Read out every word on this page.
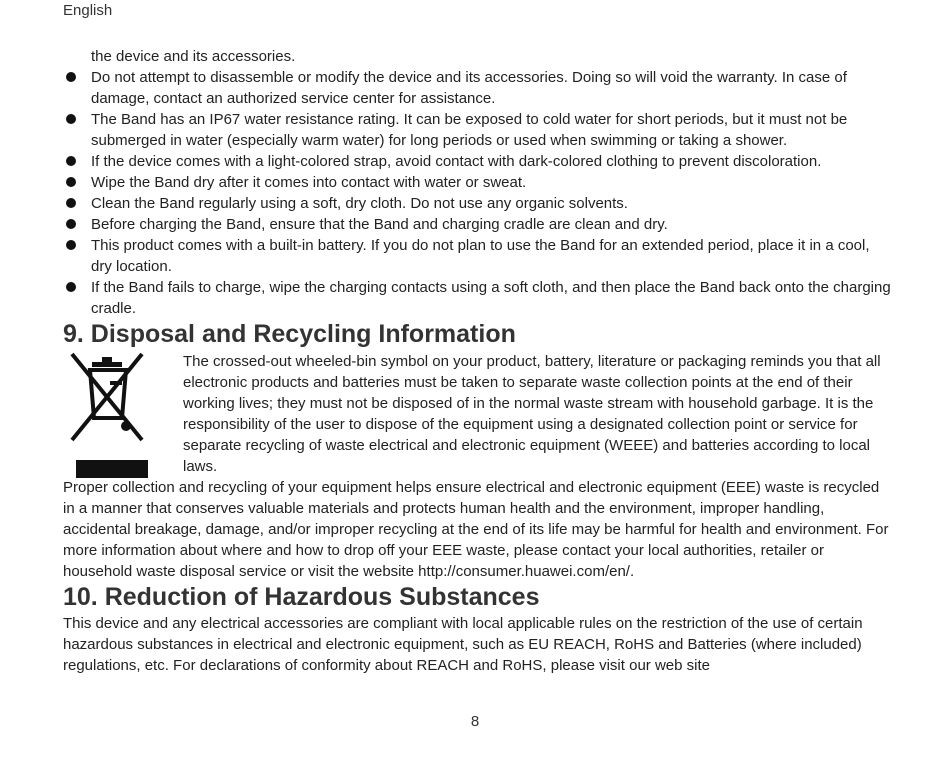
English
the device and its accessories.
Do not attempt to disassemble or modify the device and its accessories. Doing so will void the warranty. In case of damage, contact an authorized service center for assistance.
The Band has an IP67 water resistance rating. It can be exposed to cold water for short periods, but it must not be submerged in water (especially warm water) for long periods or used when swimming or taking a shower.
If the device comes with a light-colored strap, avoid contact with dark-colored clothing to prevent discoloration.
Wipe the Band dry after it comes into contact with water or sweat.
Clean the Band regularly using a soft, dry cloth. Do not use any organic solvents.
Before charging the Band, ensure that the Band and charging cradle are clean and dry.
This product comes with a built-in battery. If you do not plan to use the Band for an extended period, place it in a cool, dry location.
If the Band fails to charge, wipe the charging contacts using a soft cloth, and then place the Band back onto the charging cradle.
9. Disposal and Recycling Information
The crossed-out wheeled-bin symbol on your product, battery, literature or packaging reminds you that all electronic products and batteries must be taken to separate waste collection points at the end of their working lives; they must not be disposed of in the normal waste stream with household garbage. It is the responsibility of the user to dispose of the equipment using a designated collection point or service for separate recycling of waste electrical and electronic equipment (WEEE) and batteries according to local laws.
Proper collection and recycling of your equipment helps ensure electrical and electronic equipment (EEE) waste is recycled in a manner that conserves valuable materials and protects human health and the environment, improper handling, accidental breakage, damage, and/or improper recycling at the end of its life may be harmful for health and environment. For more information about where and how to drop off your EEE waste, please contact your local authorities, retailer or household waste disposal service or visit the website http://consumer.huawei.com/en/.
10. Reduction of Hazardous Substances
This device and any electrical accessories are compliant with local applicable rules on the restriction of the use of certain hazardous substances in electrical and electronic equipment, such as EU REACH, RoHS and Batteries (where included) regulations, etc. For declarations of conformity about REACH and RoHS, please visit our web site
8
